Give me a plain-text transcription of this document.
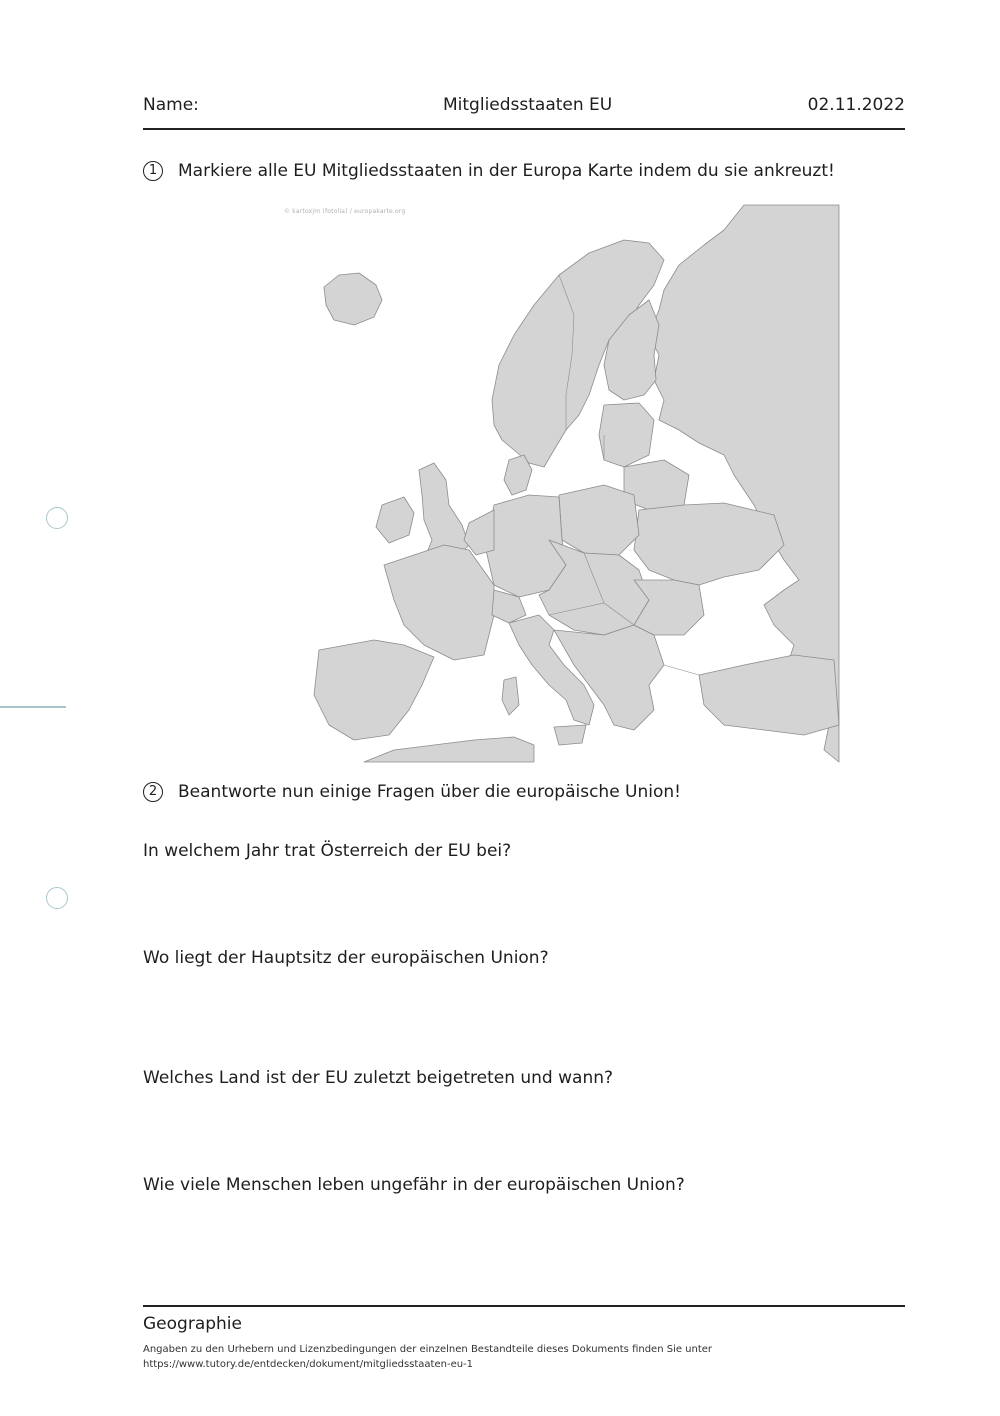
Name:	Mitgliedsstaaten EU	02.11.2022
1	Markiere alle EU Mitgliedsstaaten in der Europa Karte indem du sie ankreuzt!
© kartoxjm (fotolia) / europakarte.org
2	Beantworte nun einige Fragen über die europäische Union!
In welchem Jahr trat Österreich der EU bei?
Wo liegt der Hauptsitz der europäischen Union?
Welches Land ist der EU zuletzt beigetreten und wann?
Wie viele Menschen leben ungefähr in der europäischen Union?
Geographie
Angaben zu den Urhebern und Lizenzbedingungen der einzelnen Bestandteile dieses Dokuments finden Sie unter
https://www.tutory.de/entdecken/dokument/mitgliedsstaaten-eu-1
